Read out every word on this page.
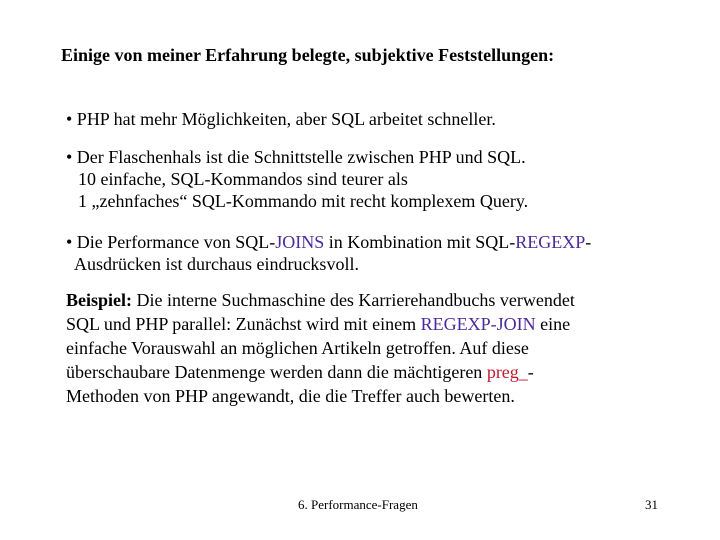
Einige von meiner Erfahrung belegte, subjektive Feststellungen:
• PHP hat mehr Möglichkeiten, aber SQL arbeitet schneller.
• Der Flaschenhals ist die Schnittstelle zwischen PHP und SQL.
10 einfache, SQL-Kommandos sind teurer als
1 „zehnfaches“ SQL-Kommando mit recht komplexem Query.
• Die Performance von SQL-JOINS in Kombination mit SQL-REGEXP-
Ausdrücken ist durchaus eindrucksvoll.
Beispiel: Die interne Suchmaschine des Karrierehandbuchs verwendet
SQL und PHP parallel: Zunächst wird mit einem REGEXP-JOIN eine
einfache Vorauswahl an möglichen Artikeln getroffen. Auf diese
überschaubare Datenmenge werden dann die mächtigeren preg_-
Methoden von PHP angewandt, die die Treffer auch bewerten.
6. Performance-Fragen	31
